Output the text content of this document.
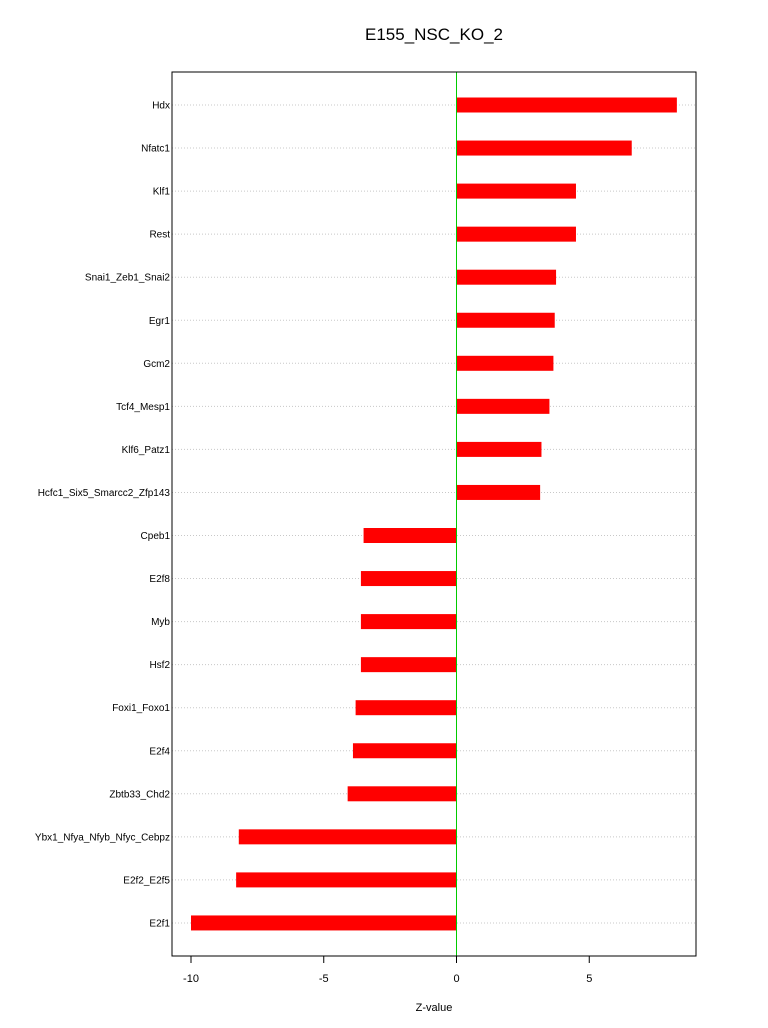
E155_NSC_KO_2
Hdx
Nfatc1
Klf1
Rest
Snai1_Zeb1_Snai2
Egr1
Gcm2
Tcf4_Mesp1
Klf6_Patz1
Hcfc1_Six5_Smarcc2_Zfp143
Cpeb1
E2f8
Myb
Hsf2
Foxi1_Foxo1
E2f4
Zbtb33_Chd2
Ybx1_Nfya_Nfyb_Nfyc_Cebpz
E2f2_E2f5
E2f1
-10	-5	0	5
Z-value
